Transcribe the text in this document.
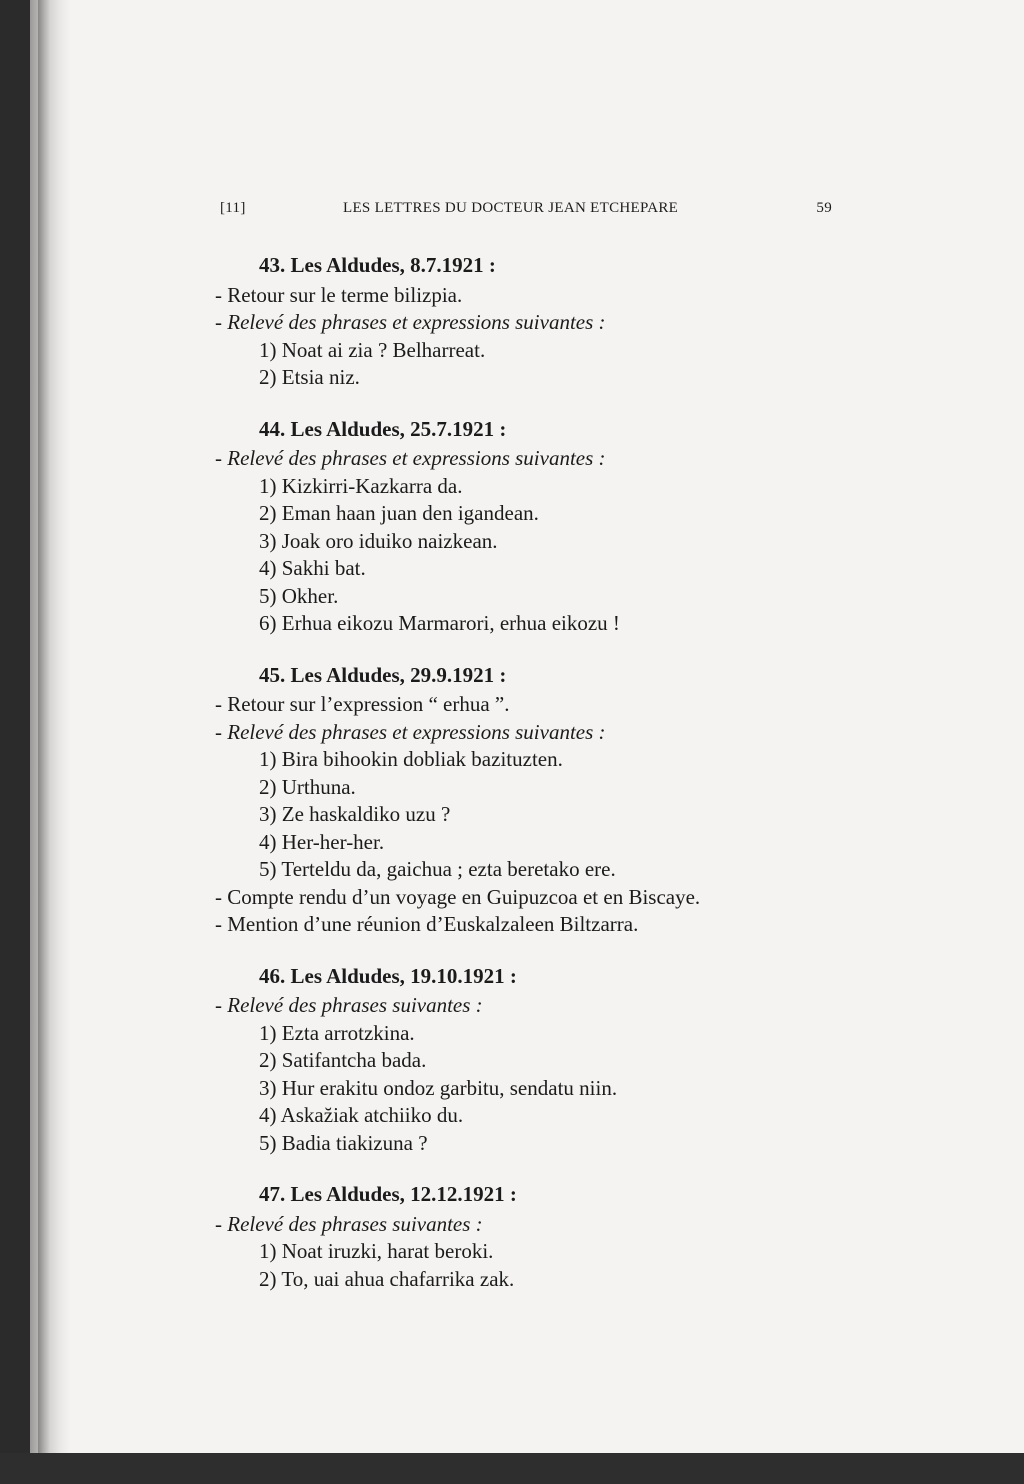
[11]	LES LETTRES DU DOCTEUR JEAN ETCHEPARE	59
43. Les Aldudes, 8.7.1921 :
- Retour sur le terme bilizpia.
- Relevé des phrases et expressions suivantes :
1) Noat ai zia ? Belharreat.
2) Etsia niz.
44. Les Aldudes, 25.7.1921 :
- Relevé des phrases et expressions suivantes :
1) Kizkirri-Kazkarra da.
2) Eman haan juan den igandean.
3) Joak oro iduiko naizkean.
4) Sakhi bat.
5) Okher.
6) Erhua eikozu Marmarori, erhua eikozu !
45. Les Aldudes, 29.9.1921 :
- Retour sur l’expression “ erhua ”.
- Relevé des phrases et expressions suivantes :
1) Bira bihookin dobliak bazituzten.
2) Urthuna.
3) Ze haskaldiko uzu ?
4) Her-her-her.
5) Terteldu da, gaichua ; ezta beretako ere.
- Compte rendu d’un voyage en Guipuzcoa et en Biscaye.
- Mention d’une réunion d’Euskalzaleen Biltzarra.
46. Les Aldudes, 19.10.1921 :
- Relevé des phrases suivantes :
1) Ezta arrotzkina.
2) Satifantcha bada.
3) Hur erakitu ondoz garbitu, sendatu niin.
4) Askaz̆iak atchiiko du.
5) Badia tiakizuna ?
47. Les Aldudes, 12.12.1921 :
- Relevé des phrases suivantes :
1) Noat iruzki, harat beroki.
2) To, uai ahua chafarrika zak.
